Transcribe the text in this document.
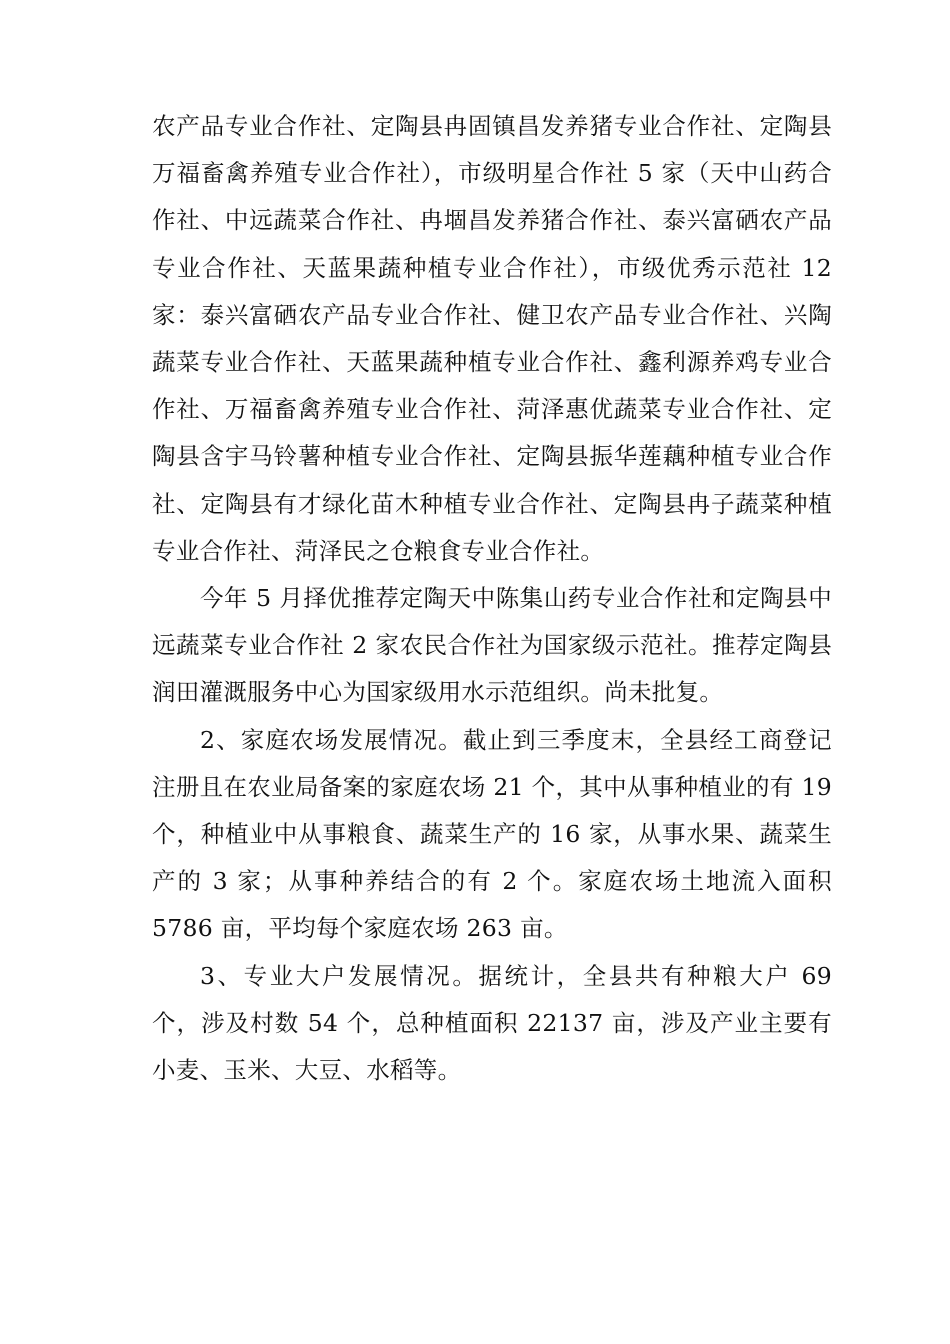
农产品专业合作社、定陶县冉固镇昌发养猪专业合作社、定陶县万福畜禽养殖专业合作社），市级明星合作社 5 家（天中山药合作社、中远蔬菜合作社、冉堌昌发养猪合作社、泰兴富硒农产品专业合作社、天蓝果蔬种植专业合作社），市级优秀示范社 12 家：泰兴富硒农产品专业合作社、健卫农产品专业合作社、兴陶蔬菜专业合作社、天蓝果蔬种植专业合作社、鑫利源养鸡专业合作社、万福畜禽养殖专业合作社、菏泽惠优蔬菜专业合作社、定陶县含宇马铃薯种植专业合作社、定陶县振华莲藕种植专业合作社、定陶县有才绿化苗木种植专业合作社、定陶县冉子蔬菜种植专业合作社、菏泽民之仓粮食专业合作社。

今年 5 月择优推荐定陶天中陈集山药专业合作社和定陶县中远蔬菜专业合作社 2 家农民合作社为国家级示范社。推荐定陶县润田灌溉服务中心为国家级用水示范组织。尚未批复。

2、家庭农场发展情况。截止到三季度末，全县经工商登记注册且在农业局备案的家庭农场 21 个，其中从事种植业的有 19 个，种植业中从事粮食、蔬菜生产的 16 家，从事水果、蔬菜生产的 3 家；从事种养结合的有 2 个。家庭农场土地流入面积 5786 亩，平均每个家庭农场 263 亩。

3、专业大户发展情况。据统计，全县共有种粮大户 69 个，涉及村数 54 个，总种植面积 22137 亩，涉及产业主要有小麦、玉米、大豆、水稻等。
